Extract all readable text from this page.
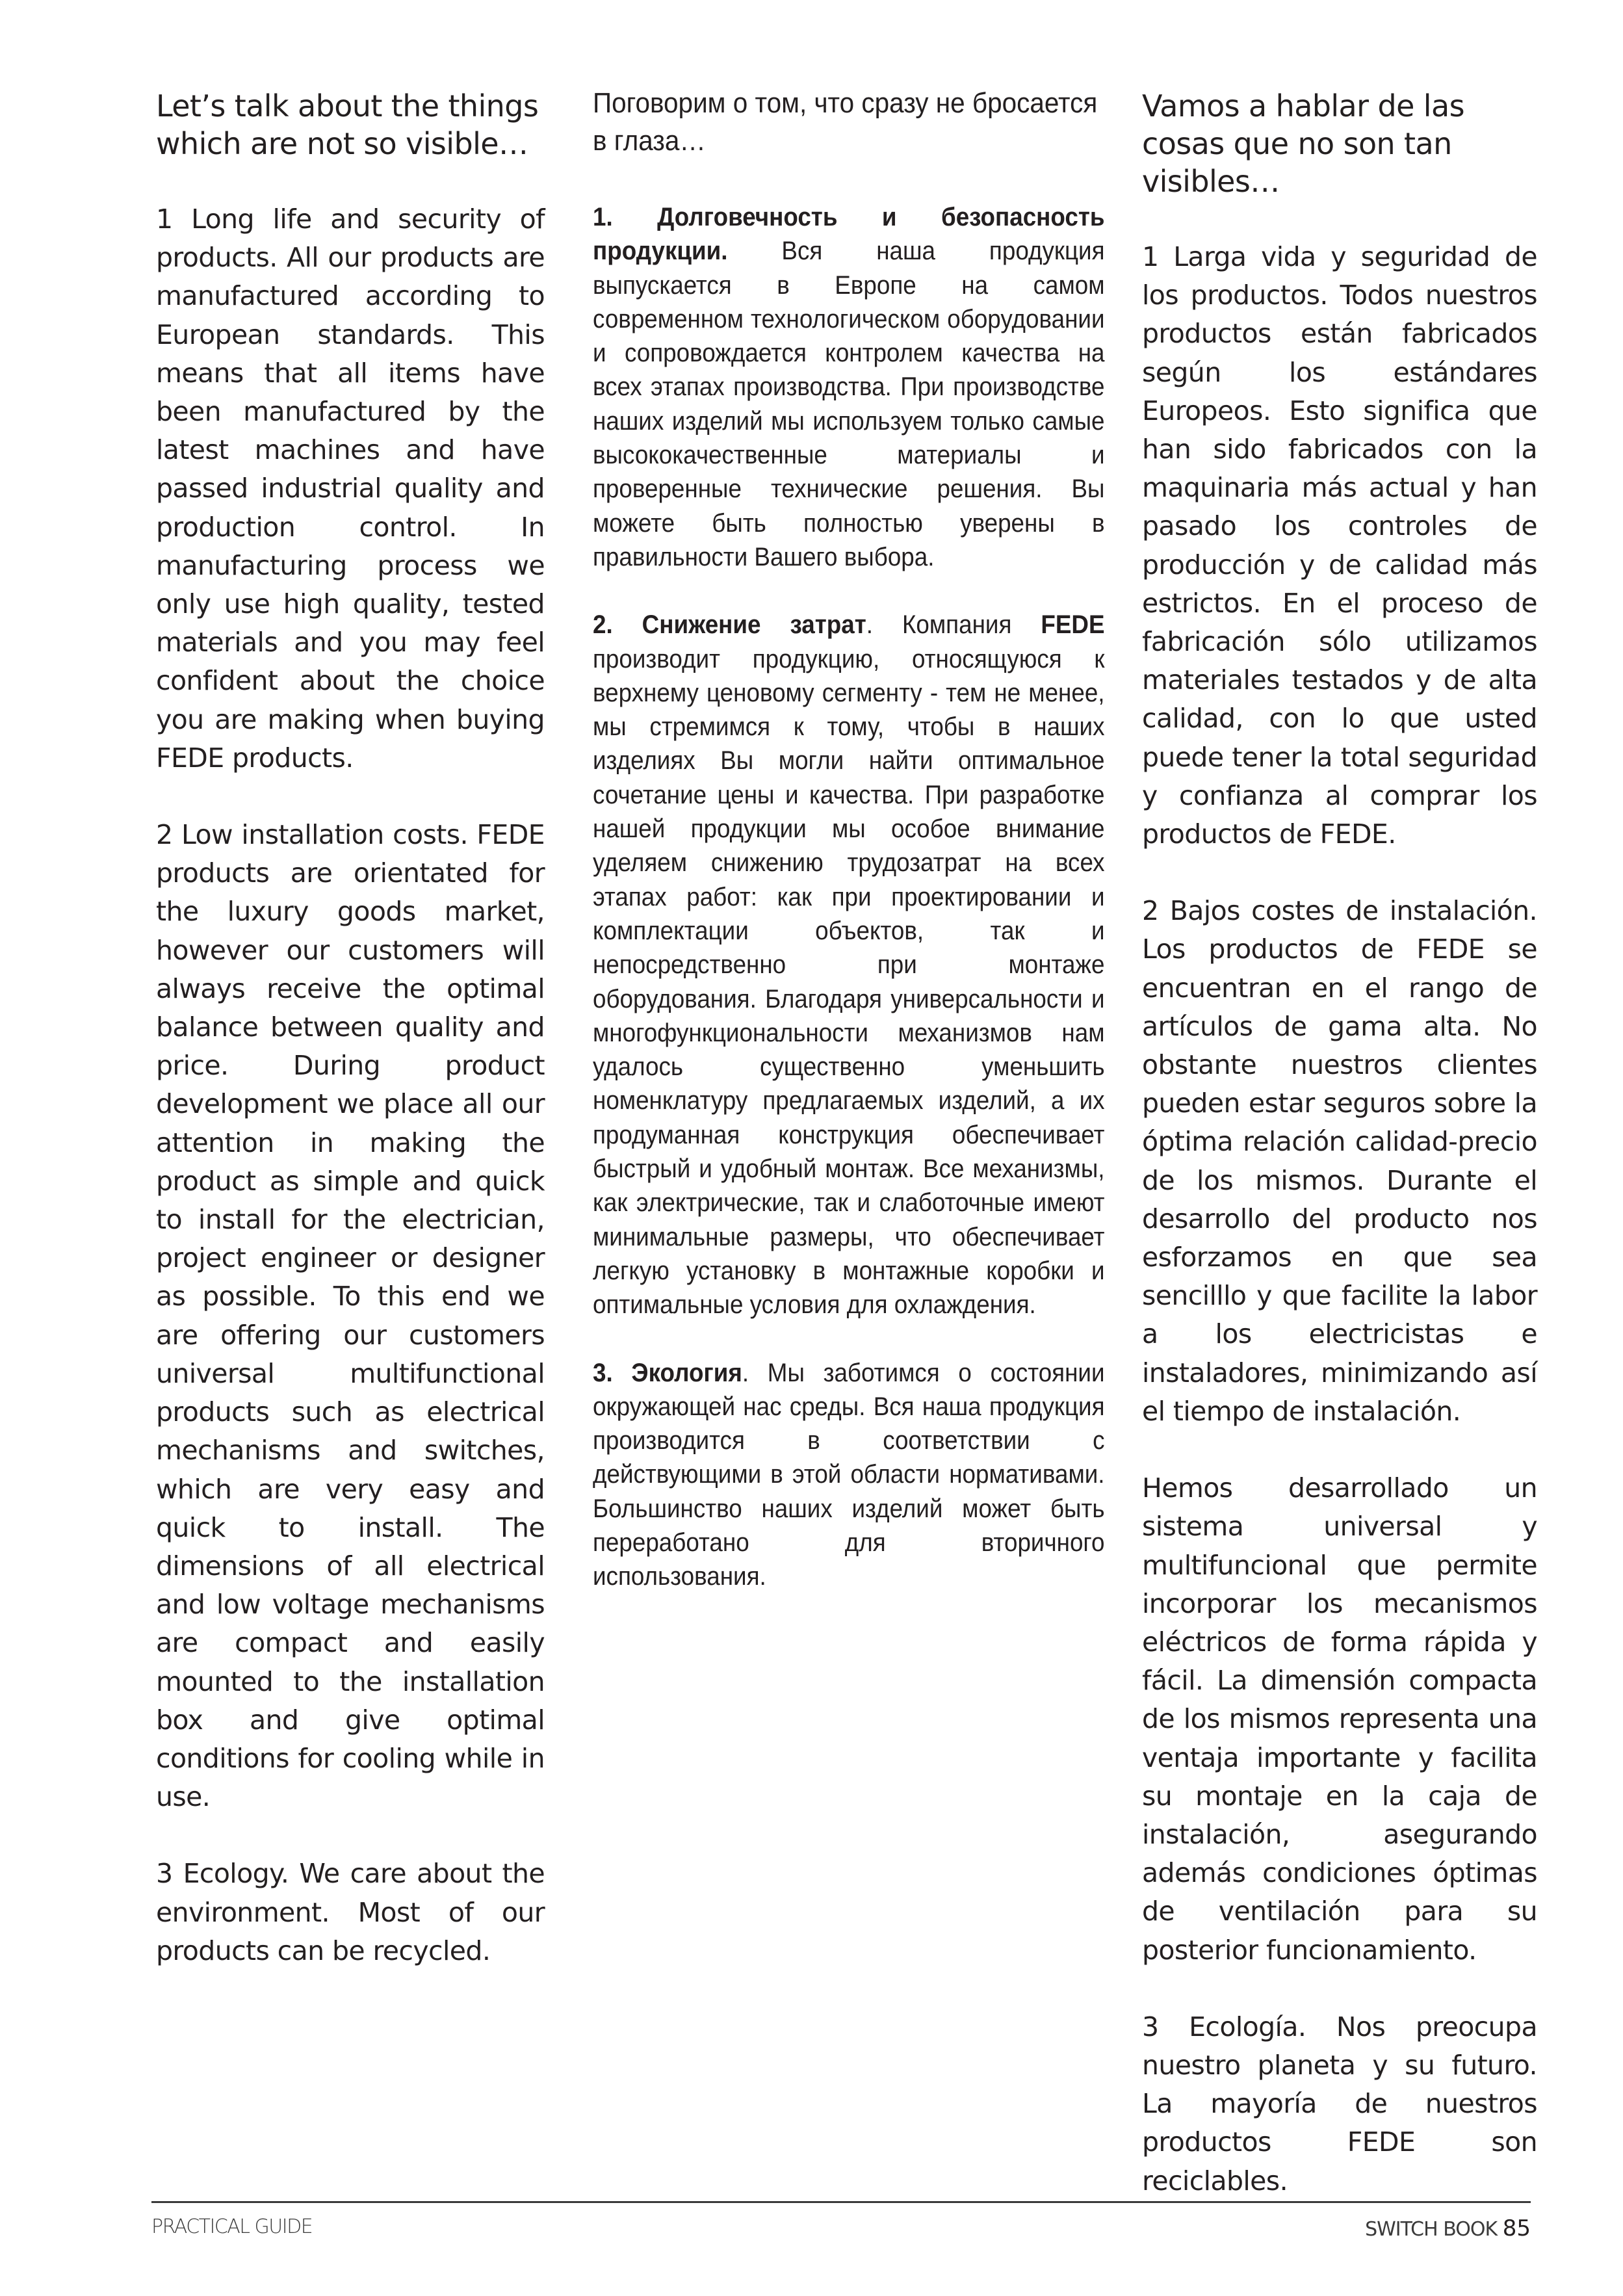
Let’s talk about the things which are not so visible…

1 Long life and security of products. All our products are manufactured according to European standards. This means that all items have been manufactured by the latest machines and have passed industrial quality and production control. In manufacturing process we only use high quality, tested materials and you may feel confident about the choice you are making when buying FEDE products.

2 Low installation costs. FEDE products are orientated for the luxury goods market, however our customers will always receive the optimal balance between quality and price. During product development we place all our attention in making the product as simple and quick to install for the electrician, project engineer or designer as possible. To this end we are offering our customers universal multifunctional products such as electrical mechanisms and switches, which are very easy and quick to install. The dimensions of all electrical and low voltage mechanisms are compact and easily mounted to the installation box and give optimal conditions for cooling while in use.

3 Ecology. We care about the environment. Most of our products can be recycled.

Поговорим о том, что сразу не бросается в глаза…

1. Долговечность и безопасность продукции. Вся наша продукция выпускается в Европе на самом современном технологическом оборудовании и сопровождается контролем качества на всех этапах производства. При производстве наших изделий мы используем только самые высококачественные материалы и проверенные технические решения. Вы можете быть полностью уверены в правильности Вашего выбора.

2. Снижение затрат. Компания FEDE производит продукцию, относящуюся к верхнему ценовому сегменту - тем не менее, мы стремимся к тому, чтобы в наших изделиях Вы могли найти оптимальное сочетание цены и качества. При разработке нашей продукции мы особое внимание уделяем снижению трудозатрат на всех этапах работ: как при проектировании и комплектации объектов, так и непосредственно при монтаже оборудования. Благодаря универсальности и многофункциональности механизмов нам удалось существенно уменьшить номенклатуру предлагаемых изделий, а их продуманная конструкция обеспечивает быстрый и удобный монтаж. Все механизмы, как электрические, так и слаботочные имеют минимальные размеры, что обеспечивает легкую установку в монтажные коробки и оптимальные условия для охлаждения.

3. Экология. Мы заботимся о состоянии окружающей нас среды. Вся наша продукция производится в соответствии с действующими в этой области нормативами. Большинство наших изделий может быть переработано для вторичного использования.

Vamos a hablar de las cosas que no son tan visibles…

1 Larga vida y seguridad de los productos. Todos nuestros productos están fabricados según los estándares Europeos. Esto significa que han sido fabricados con la maquinaria más actual y han pasado los controles de producción y de calidad más estrictos. En el proceso de fabricación sólo utilizamos materiales testados y de alta calidad, con lo que usted puede tener la total seguridad y confianza al comprar los productos de FEDE.

2 Bajos costes de instalación. Los productos de FEDE se encuentran en el rango de artículos de gama alta. No obstante nuestros clientes pueden estar seguros sobre la óptima relación calidad-precio de los mismos. Durante el desarrollo del producto nos esforzamos en que sea sencilllo y que facilite la labor a los electricistas e instaladores, minimizando así el tiempo de instalación.

Hemos desarrollado un sistema universal y multifuncional que permite incorporar los mecanismos eléctricos de forma rápida y fácil. La dimensión compacta de los mismos representa una ventaja importante y facilita su montaje en la caja de instalación, asegurando además condiciones óptimas de ventilación para su posterior funcionamiento.

3 Ecología. Nos preocupa nuestro planeta y su futuro. La mayoría de nuestros productos FEDE son reciclables.

PRACTICAL GUIDE	SWITCH BOOK 85
